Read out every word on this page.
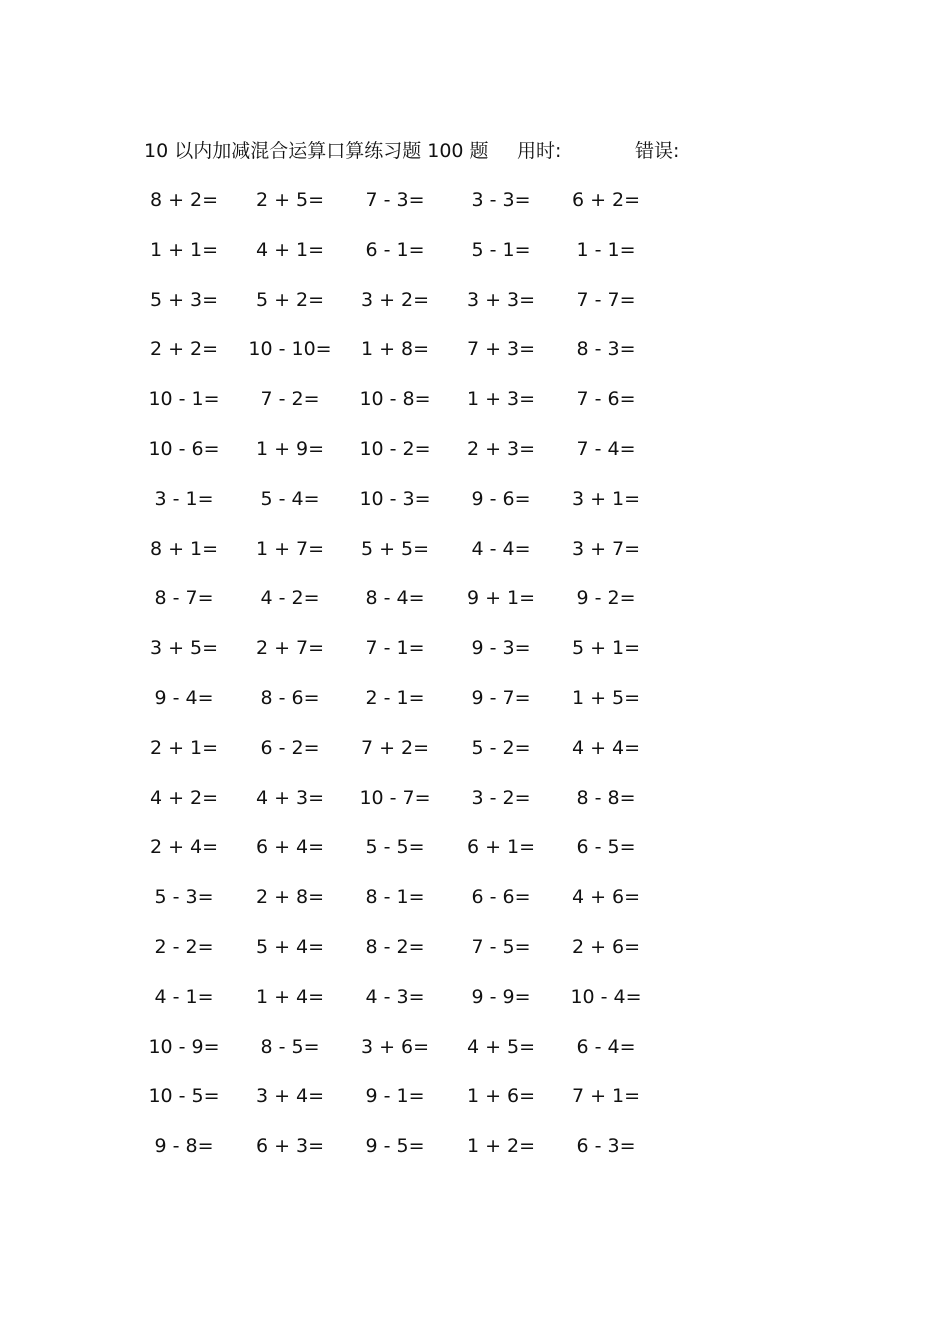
10 以内加减混合运算口算练习题 100 题 用时:	错误:
8 + 2=	2 + 5=	7 - 3=	3 - 3=	6 + 2=
1 + 1=	4 + 1=	6 - 1=	5 - 1=	1 - 1=
5 + 3=	5 + 2=	3 + 2=	3 + 3=	7 - 7=
2 + 2=	10 - 10=	1 + 8=	7 + 3=	8 - 3=
10 - 1=	7 - 2=	10 - 8=	1 + 3=	7 - 6=
10 - 6=	1 + 9=	10 - 2=	2 + 3=	7 - 4=
3 - 1=	5 - 4=	10 - 3=	9 - 6=	3 + 1=
8 + 1=	1 + 7=	5 + 5=	4 - 4=	3 + 7=
8 - 7=	4 - 2=	8 - 4=	9 + 1=	9 - 2=
3 + 5=	2 + 7=	7 - 1=	9 - 3=	5 + 1=
9 - 4=	8 - 6=	2 - 1=	9 - 7=	1 + 5=
2 + 1=	6 - 2=	7 + 2=	5 - 2=	4 + 4=
4 + 2=	4 + 3=	10 - 7=	3 - 2=	8 - 8=
2 + 4=	6 + 4=	5 - 5=	6 + 1=	6 - 5=
5 - 3=	2 + 8=	8 - 1=	6 - 6=	4 + 6=
2 - 2=	5 + 4=	8 - 2=	7 - 5=	2 + 6=
4 - 1=	1 + 4=	4 - 3=	9 - 9=	10 - 4=
10 - 9=	8 - 5=	3 + 6=	4 + 5=	6 - 4=
10 - 5=	3 + 4=	9 - 1=	1 + 6=	7 + 1=
9 - 8=	6 + 3=	9 - 5=	1 + 2=	6 - 3=
